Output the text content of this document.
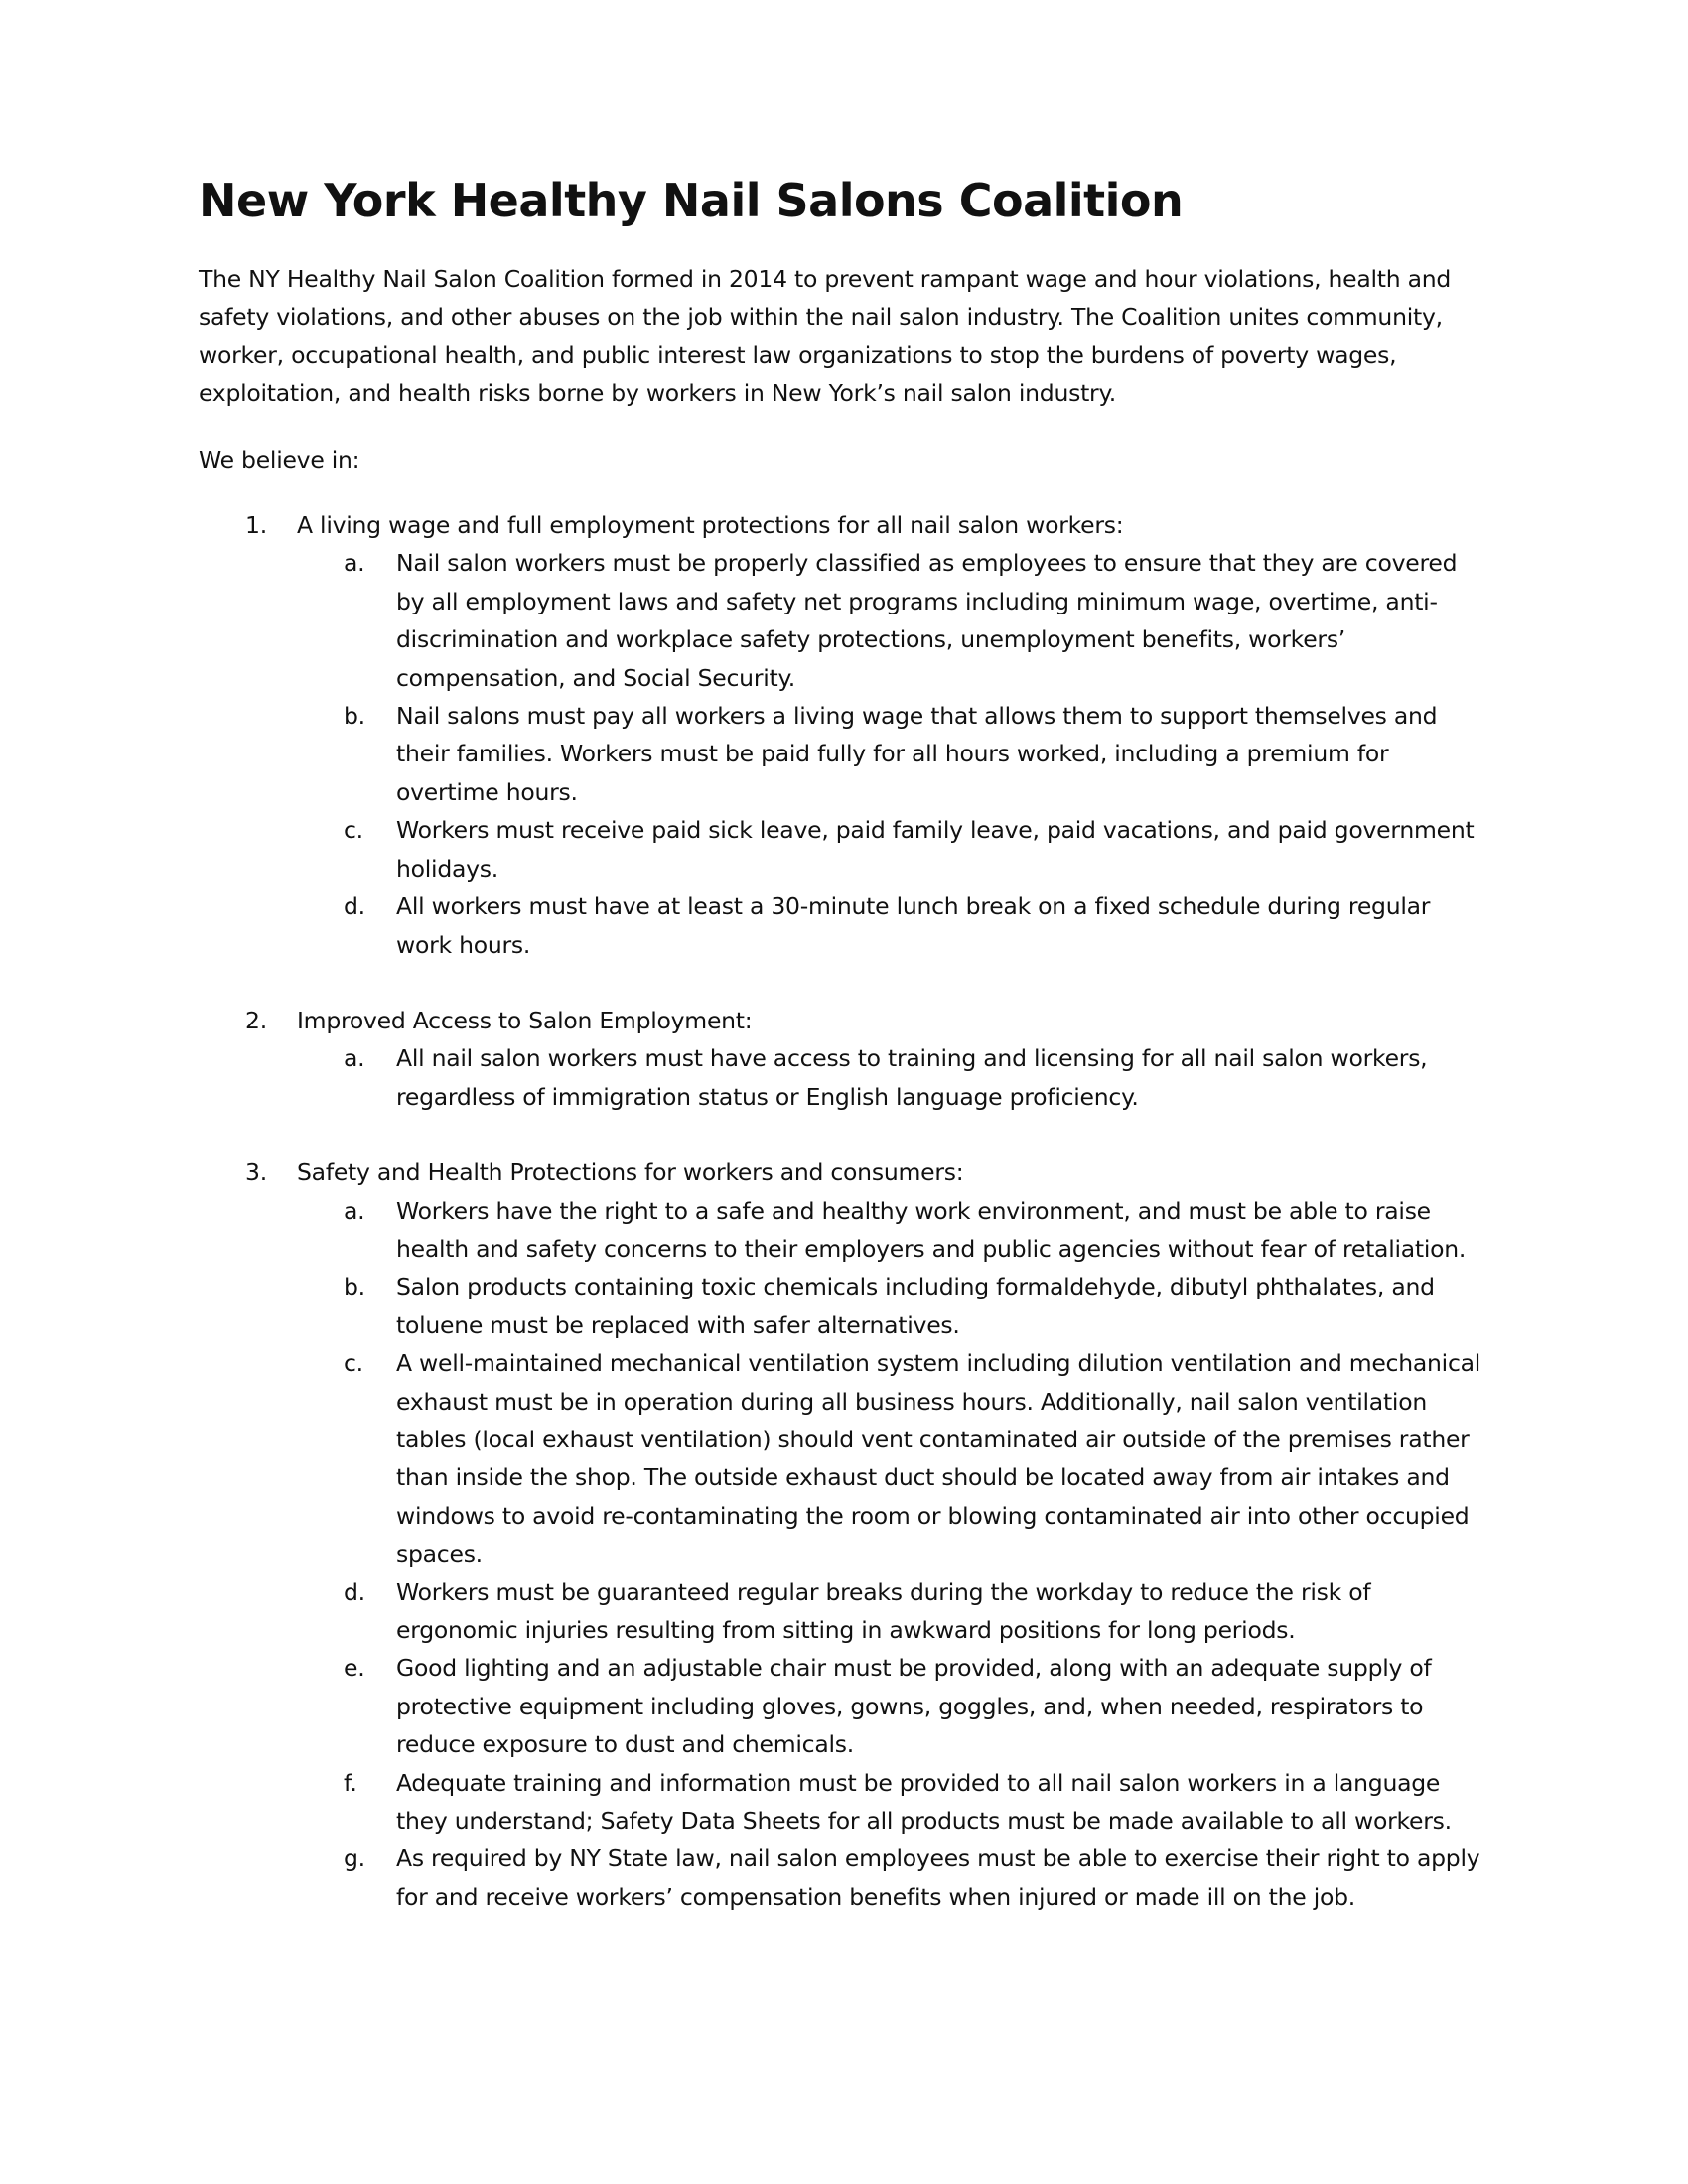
New York Healthy Nail Salons Coalition

The NY Healthy Nail Salon Coalition formed in 2014 to prevent rampant wage and hour violations, health and safety violations, and other abuses on the job within the nail salon industry. The Coalition unites community, worker, occupational health, and public interest law organizations to stop the burdens of poverty wages, exploitation, and health risks borne by workers in New York’s nail salon industry.

We believe in:

1. A living wage and full employment protections for all nail salon workers:
a. Nail salon workers must be properly classified as employees to ensure that they are covered by all employment laws and safety net programs including minimum wage, overtime, anti-discrimination and workplace safety protections, unemployment benefits, workers’ compensation, and Social Security.
b. Nail salons must pay all workers a living wage that allows them to support themselves and their families. Workers must be paid fully for all hours worked, including a premium for overtime hours.
c. Workers must receive paid sick leave, paid family leave, paid vacations, and paid government holidays.
d. All workers must have at least a 30-minute lunch break on a fixed schedule during regular work hours.
2. Improved Access to Salon Employment:
a. All nail salon workers must have access to training and licensing for all nail salon workers, regardless of immigration status or English language proficiency.
3. Safety and Health Protections for workers and consumers:
a. Workers have the right to a safe and healthy work environment, and must be able to raise health and safety concerns to their employers and public agencies without fear of retaliation.
b. Salon products containing toxic chemicals including formaldehyde, dibutyl phthalates, and toluene must be replaced with safer alternatives.
c. A well-maintained mechanical ventilation system including dilution ventilation and mechanical exhaust must be in operation during all business hours. Additionally, nail salon ventilation tables (local exhaust ventilation) should vent contaminated air outside of the premises rather than inside the shop. The outside exhaust duct should be located away from air intakes and windows to avoid re-contaminating the room or blowing contaminated air into other occupied spaces.
d. Workers must be guaranteed regular breaks during the workday to reduce the risk of ergonomic injuries resulting from sitting in awkward positions for long periods.
e. Good lighting and an adjustable chair must be provided, along with an adequate supply of protective equipment including gloves, gowns, goggles, and, when needed, respirators to reduce exposure to dust and chemicals.
f. Adequate training and information must be provided to all nail salon workers in a language they understand; Safety Data Sheets for all products must be made available to all workers.
g. As required by NY State law, nail salon employees must be able to exercise their right to apply for and receive workers’ compensation benefits when injured or made ill on the job.
